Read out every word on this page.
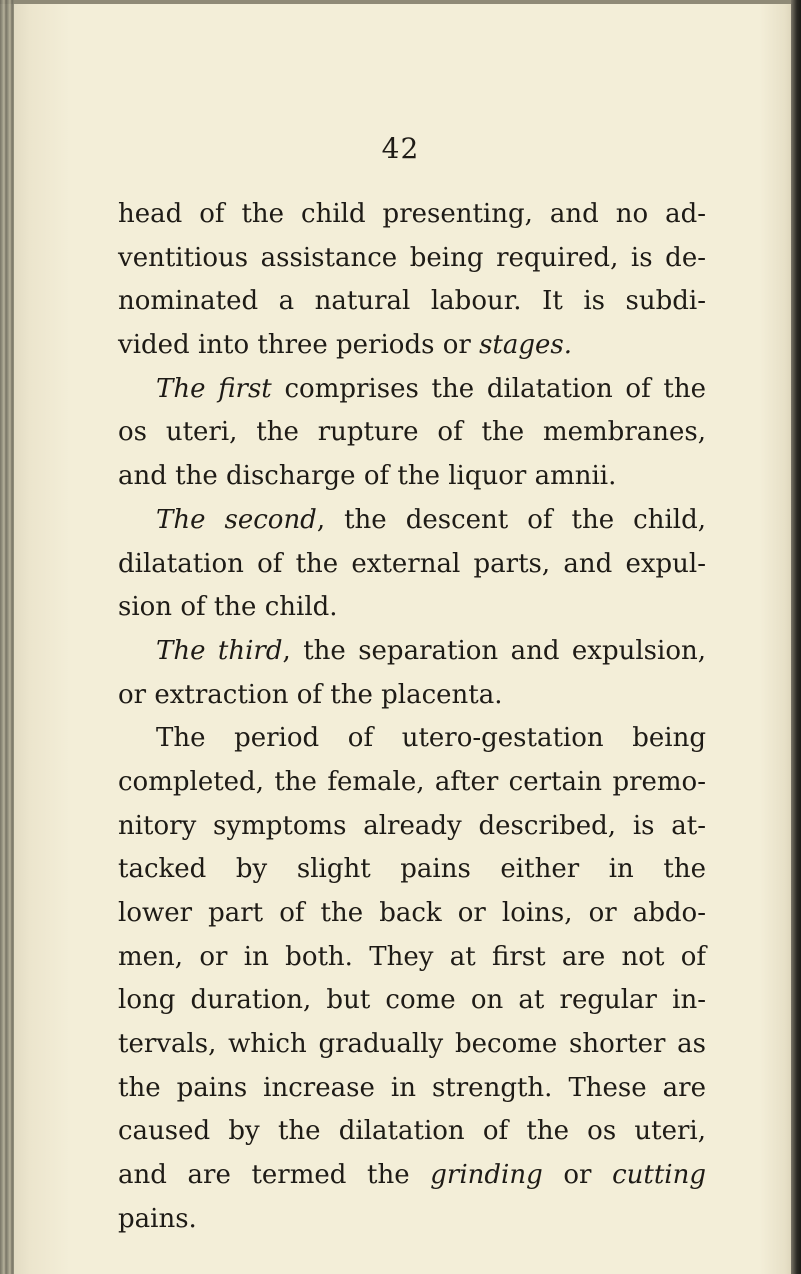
42
head of the child presenting, and no ad-
ventitious assistance being required, is de-
nominated a natural labour. It is subdi-
vided into three periods or stages.
The first comprises the dilatation of the
os uteri, the rupture of the membranes,
and the discharge of the liquor amnii.
The second, the descent of the child,
dilatation of the external parts, and expul-
sion of the child.
The third, the separation and expulsion,
or extraction of the placenta.
The period of utero-gestation being
completed, the female, after certain premo-
nitory symptoms already described, is at-
tacked by slight pains either in the
lower part of the back or loins, or abdo-
men, or in both. They at first are not of
long duration, but come on at regular in-
tervals, which gradually become shorter as
the pains increase in strength. These are
caused by the dilatation of the os uteri,
and are termed the grinding or cutting
pains.
